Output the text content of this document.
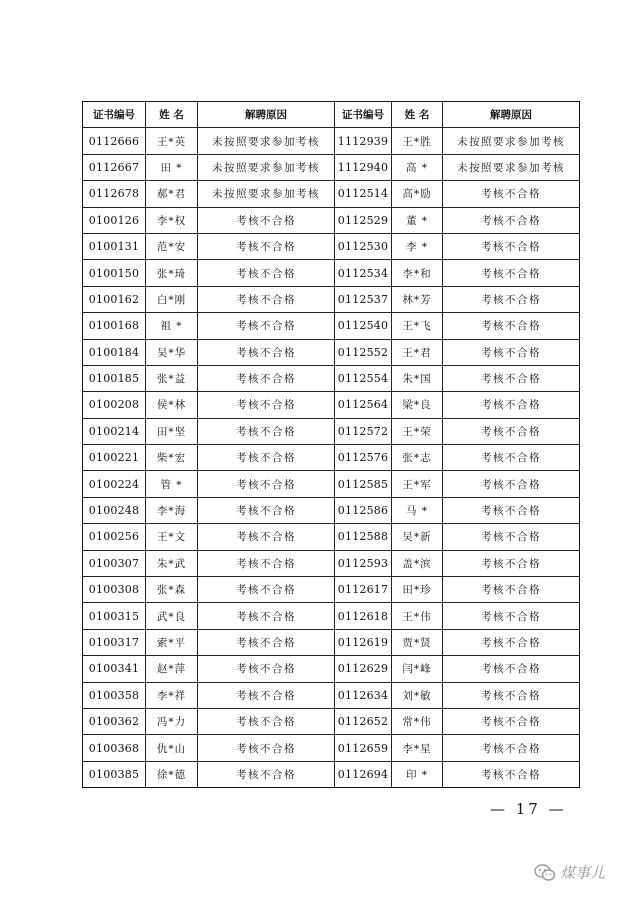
证书编号	姓 名	解聘原因	证书编号	姓 名	解聘原因
0112666	王*英	未按照要求参加考核	1112939	王*胜	未按照要求参加考核
0112667	田 *	未按照要求参加考核	1112940	高 *	未按照要求参加考核
0112678	郝*君	未按照要求参加考核	0112514	高*励	考核不合格
0100126	李*权	考核不合格	0112529	董 *	考核不合格
0100131	范*安	考核不合格	0112530	李 *	考核不合格
0100150	张*琦	考核不合格	0112534	李*和	考核不合格
0100162	白*刚	考核不合格	0112537	林*芳	考核不合格
0100168	祖 *	考核不合格	0112540	王*飞	考核不合格
0100184	吴*华	考核不合格	0112552	王*君	考核不合格
0100185	张*益	考核不合格	0112554	朱*国	考核不合格
0100208	侯*林	考核不合格	0112564	梁*良	考核不合格
0100214	田*坚	考核不合格	0112572	王*荣	考核不合格
0100221	柴*宏	考核不合格	0112576	张*志	考核不合格
0100224	管 *	考核不合格	0112585	王*军	考核不合格
0100248	李*海	考核不合格	0112586	马 *	考核不合格
0100256	王*文	考核不合格	0112588	吴*新	考核不合格
0100307	朱*武	考核不合格	0112593	盖*滨	考核不合格
0100308	张*森	考核不合格	0112617	田*珍	考核不合格
0100315	武*良	考核不合格	0112618	王*伟	考核不合格
0100317	索*平	考核不合格	0112619	贾*贤	考核不合格
0100341	赵*萍	考核不合格	0112629	闫*峰	考核不合格
0100358	李*祥	考核不合格	0112634	刘*敏	考核不合格
0100362	冯*力	考核不合格	0112652	常*伟	考核不合格
0100368	仇*山	考核不合格	0112659	李*星	考核不合格
0100385	徐*德	考核不合格	0112694	印 *	考核不合格
— 17 —
煤事儿
